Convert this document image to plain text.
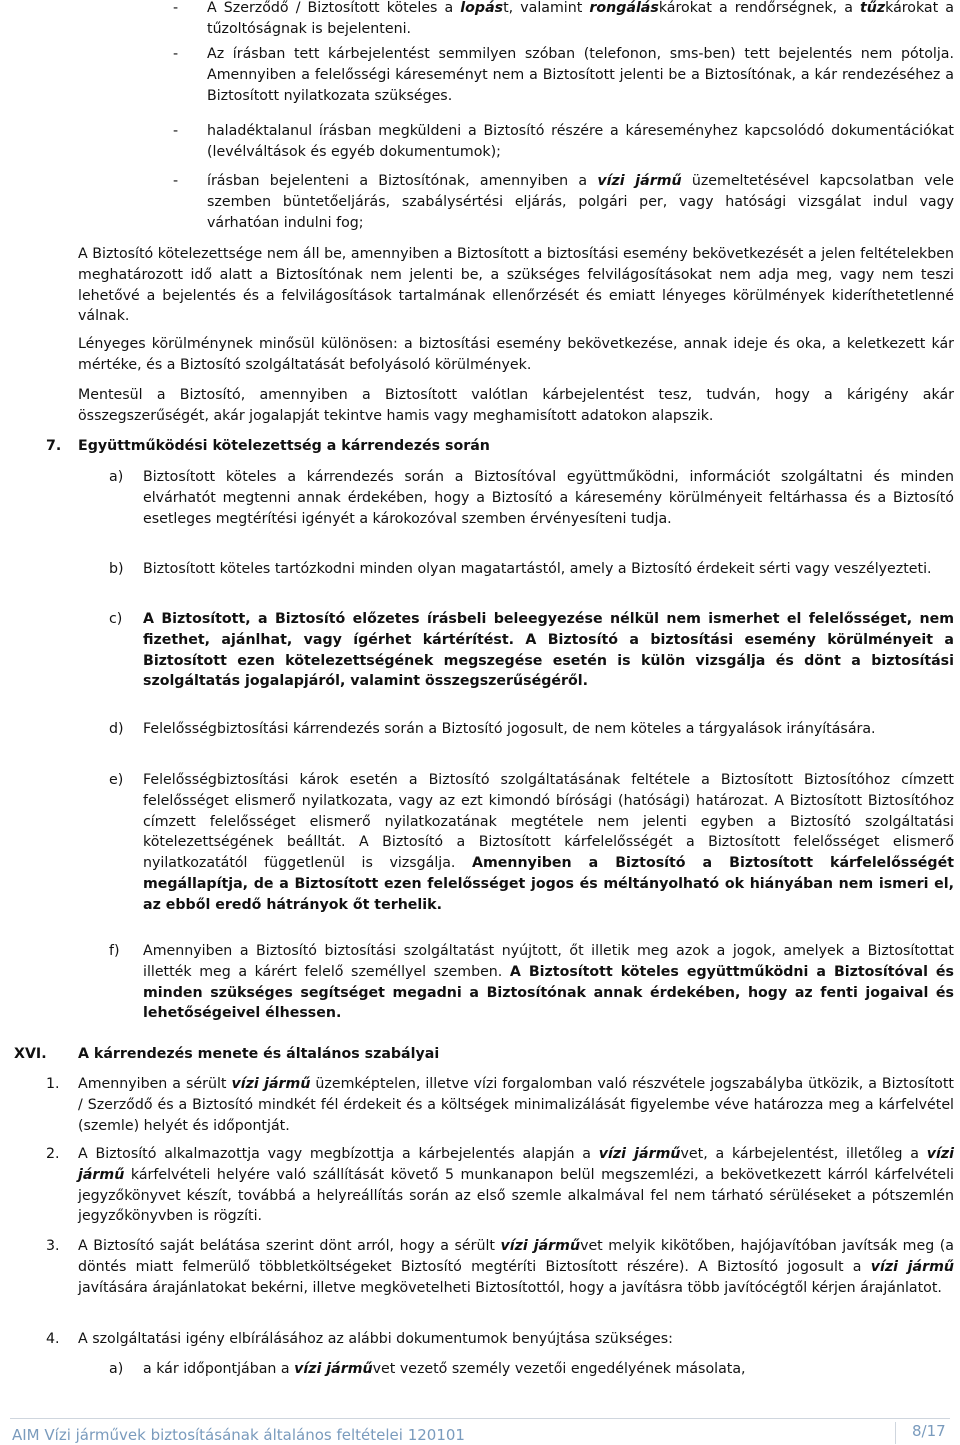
- A Szerződő / Biztosított köteles a lopást, valamint rongáláskárokat a rendőrségnek, a tűzkárokat a tűzoltóságnak is bejelenteni.
- Az írásban tett kárbejelentést semmilyen szóban (telefonon, sms-ben) tett bejelentés nem pótolja. Amennyiben a felelősségi káreseményt nem a Biztosított jelenti be a Biztosítónak, a kár rendezéséhez a Biztosított nyilatkozata szükséges.
- haladéktalanul írásban megküldeni a Biztosító részére a káreseményhez kapcsolódó dokumentációkat (levélváltások és egyéb dokumentumok);
- írásban bejelenteni a Biztosítónak, amennyiben a vízi jármű üzemeltetésével kapcsolatban vele szemben büntetőeljárás, szabálysértési eljárás, polgári per, vagy hatósági vizsgálat indul vagy várhatóan indulni fog;

A Biztosító kötelezettsége nem áll be, amennyiben a Biztosított a biztosítási esemény bekövetkezését a jelen feltételekben meghatározott idő alatt a Biztosítónak nem jelenti be, a szükséges felvilágosításokat nem adja meg, vagy nem teszi lehetővé a bejelentés és a felvilágosítások tartalmának ellenőrzését és emiatt lényeges körülmények kideríthetetlenné válnak.

Lényeges körülménynek minősül különösen: a biztosítási esemény bekövetkezése, annak ideje és oka, a keletkezett kár mértéke, és a Biztosító szolgáltatását befolyásoló körülmények.

Mentesül a Biztosító, amennyiben a Biztosított valótlan kárbejelentést tesz, tudván, hogy a kárigény akár összegszerűségét, akár jogalapját tekintve hamis vagy meghamisított adatokon alapszik.

7. Együttműködési kötelezettség a kárrendezés során
a) Biztosított köteles a kárrendezés során a Biztosítóval együttműködni, információt szolgáltatni és minden elvárhatót megtenni annak érdekében, hogy a Biztosító a káresemény körülményeit feltárhassa és a Biztosító esetleges megtérítési igényét a károkozóval szemben érvényesíteni tudja.
b) Biztosított köteles tartózkodni minden olyan magatartástól, amely a Biztosító érdekeit sérti vagy veszélyezteti.
c) A Biztosított, a Biztosító előzetes írásbeli beleegyezése nélkül nem ismerhet el felelősséget, nem fizethet, ajánlhat, vagy ígérhet kártérítést. A Biztosító a biztosítási esemény körülményeit a Biztosított ezen kötelezettségének megszegése esetén is külön vizsgálja és dönt a biztosítási szolgáltatás jogalapjáról, valamint összegszerűségéről.
d) Felelősségbiztosítási kárrendezés során a Biztosító jogosult, de nem köteles a tárgyalások irányítására.
e) Felelősségbiztosítási károk esetén a Biztosító szolgáltatásának feltétele a Biztosított Biztosítóhoz címzett felelősséget elismerő nyilatkozata, vagy az ezt kimondó bírósági (hatósági) határozat. A Biztosított Biztosítóhoz címzett felelősséget elismerő nyilatkozatának megtétele nem jelenti egyben a Biztosító szolgáltatási kötelezettségének beálltát. A Biztosító a Biztosított kárfelelősségét a Biztosított felelősséget elismerő nyilatkozatától függetlenül is vizsgálja. Amennyiben a Biztosító a Biztosított kárfelelősségét megállapítja, de a Biztosított ezen felelősséget jogos és méltányolható ok hiányában nem ismeri el, az ebből eredő hátrányok őt terhelik.
f) Amennyiben a Biztosító biztosítási szolgáltatást nyújtott, őt illetik meg azok a jogok, amelyek a Biztosítottat illették meg a kárért felelő személlyel szemben. A Biztosított köteles együttműködni a Biztosítóval és minden szükséges segítséget megadni a Biztosítónak annak érdekében, hogy az fenti jogaival és lehetőségeivel élhessen.
XVI. A kárrendezés menete és általános szabályai
1. Amennyiben a sérült vízi jármű üzemképtelen, illetve vízi forgalomban való részvétele jogszabályba ütközik, a Biztosított / Szerződő és a Biztosító mindkét fél érdekeit és a költségek minimalizálását figyelembe véve határozza meg a kárfelvétel (szemle) helyét és időpontját.
2. A Biztosító alkalmazottja vagy megbízottja a kárbejelentés alapján a vízi járművet, a kárbejelentést, illetőleg a vízi jármű kárfelvételi helyére való szállítását követő 5 munkanapon belül megszemlézi, a bekövetkezett kárról kárfelvételi jegyzőkönyvet készít, továbbá a helyreállítás során az első szemle alkalmával fel nem tárható sérüléseket a pótszemlén jegyzőkönyvben is rögzíti.
3. A Biztosító saját belátása szerint dönt arról, hogy a sérült vízi járművet melyik kikötőben, hajójavítóban javítsák meg (a döntés miatt felmerülő többletköltségeket Biztosító megtéríti Biztosított részére). A Biztosító jogosult a vízi jármű javítására árajánlatokat bekérni, illetve megkövetelheti Biztosítottól, hogy a javításra több javítócégtől kérjen árajánlatot.
4. A szolgáltatási igény elbírálásához az alábbi dokumentumok benyújtása szükséges:
a) a kár időpontjában a vízi járművet vezető személy vezetői engedélyének másolata,
AIM Vízi járművek biztosításának általános feltételei 120101	8/17
